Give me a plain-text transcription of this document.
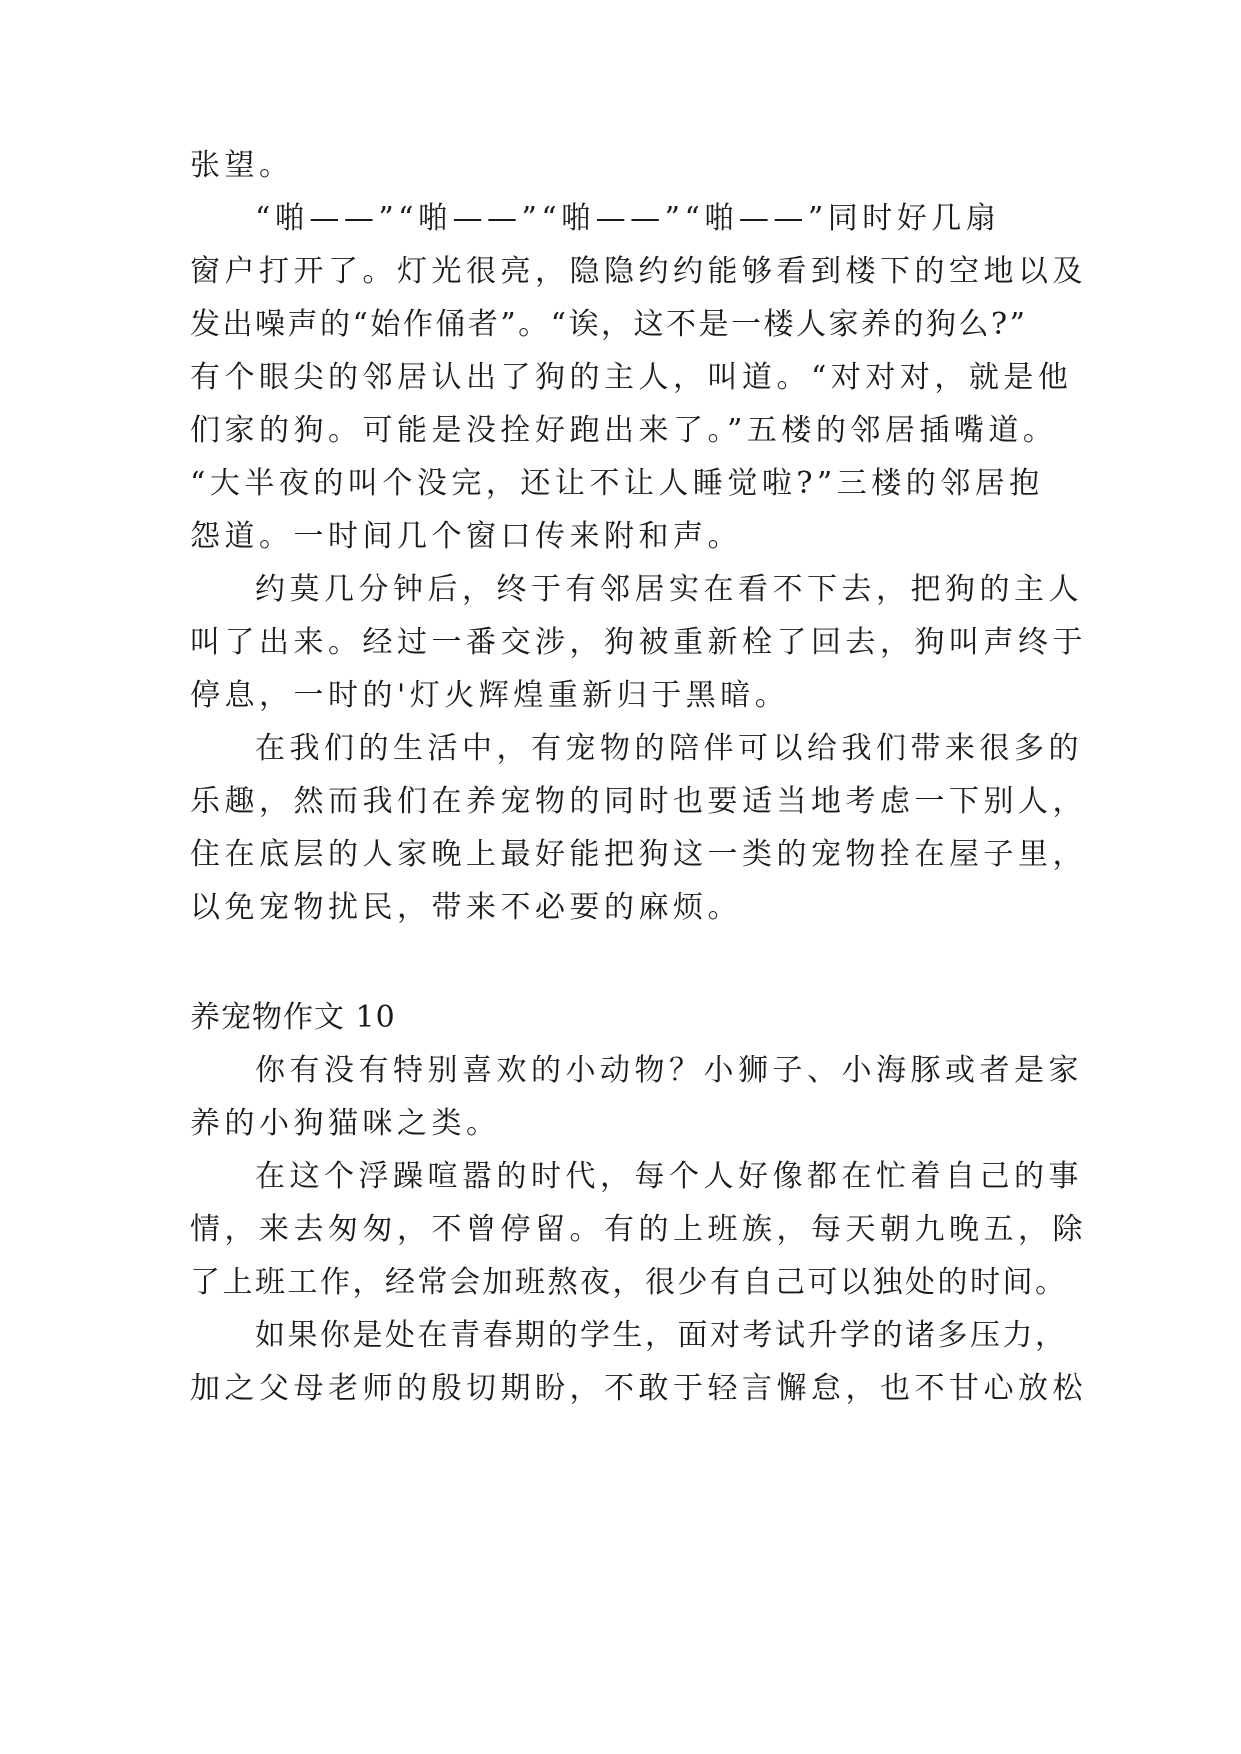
张望。

“啪——”“啪——”“啪——”“啪——”同时好几扇

窗户打开了。灯光很亮，隐隐约约能够看到楼下的空地以及

发出噪声的“始作俑者”。“诶，这不是一楼人家养的狗么?”

有个眼尖的邻居认出了狗的主人，叫道。“对对对，就是他

们家的狗。可能是没拴好跑出来了。”五楼的邻居插嘴道。

“大半夜的叫个没完，还让不让人睡觉啦?”三楼的邻居抱

怨道。一时间几个窗口传来附和声。

约莫几分钟后，终于有邻居实在看不下去，把狗的主人

叫了出来。经过一番交涉，狗被重新栓了回去，狗叫声终于

停息，一时的'灯火辉煌重新归于黑暗。

在我们的生活中，有宠物的陪伴可以给我们带来很多的

乐趣，然而我们在养宠物的同时也要适当地考虑一下别人，

住在底层的人家晚上最好能把狗这一类的宠物拴在屋子里，

以免宠物扰民，带来不必要的麻烦。

养宠物作文 10

你有没有特别喜欢的小动物？小狮子、小海豚或者是家

养的小狗猫咪之类。

在这个浮躁喧嚣的时代，每个人好像都在忙着自己的事

情，来去匆匆，不曾停留。有的上班族，每天朝九晚五，除

了上班工作，经常会加班熬夜，很少有自己可以独处的时间。

如果你是处在青春期的学生，面对考试升学的诸多压力，

加之父母老师的殷切期盼，不敢于轻言懈怠，也不甘心放松
